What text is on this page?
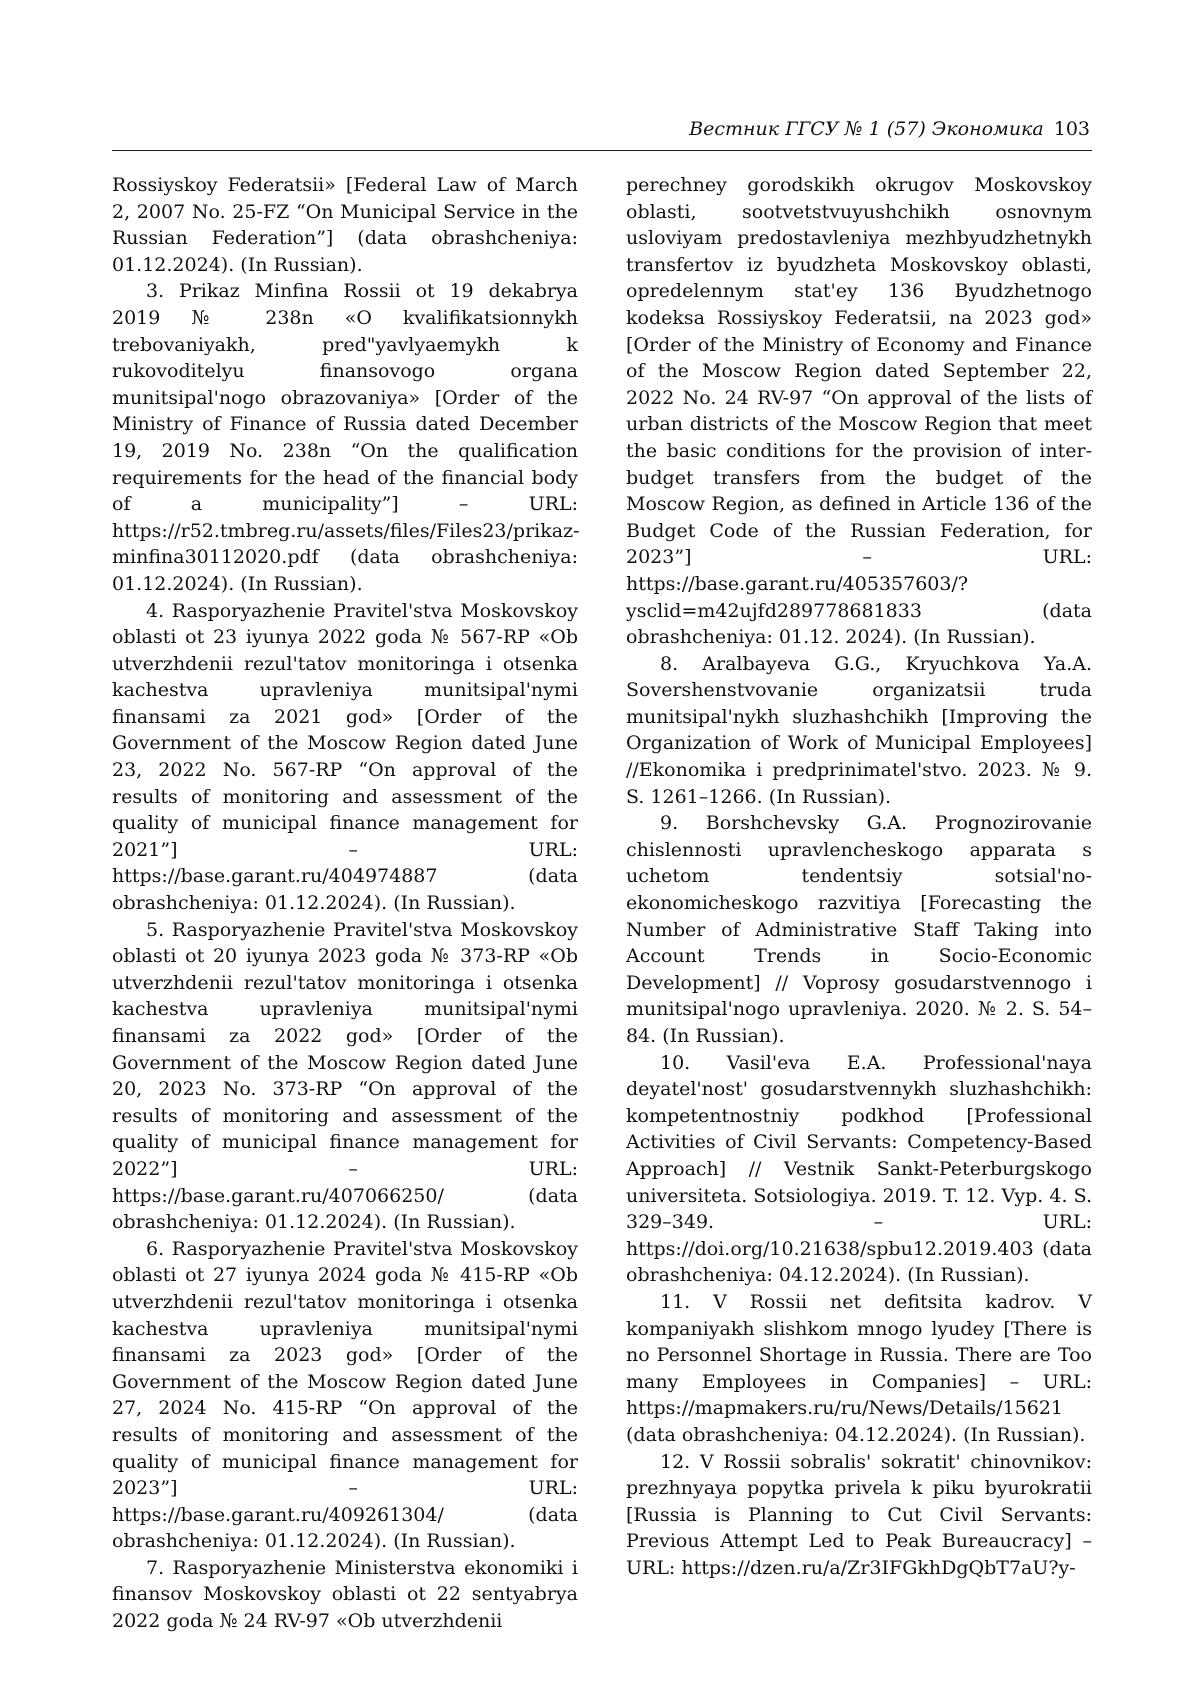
Вестник ГГСУ № 1 (57) Экономика 103

Rossiyskoy Federatsii» [Federal Law of March 2, 2007 No. 25-FZ “On Municipal Service in the Russian Federation”] (data obrashcheniya: 01.12.2024). (In Russian).

3. Prikaz Minfina Rossii ot 19 dekabrya 2019 № 238n «O kvalifikatsionnykh trebovaniyakh, pred"yavlyaemykh k rukovoditelyu finansovogo organa munitsipal'nogo obrazovaniya» [Order of the Ministry of Finance of Russia dated December 19, 2019 No. 238n “On the qualification requirements for the head of the financial body of a municipality”] – URL: https://r52.tmbreg.ru/assets/files/Files23/prikaz-minfina30112020.pdf (data obrashcheniya: 01.12.2024). (In Russian).

4. Rasporyazhenie Pravitel'stva Moskovskoy oblasti ot 23 iyunya 2022 goda № 567-RP «Ob utverzhdenii rezul'tatov monitoringa i otsenka kachestva upravleniya munitsipal'nymi finansami za 2021 god» [Order of the Government of the Moscow Region dated June 23, 2022 No. 567-RP “On approval of the results of monitoring and assessment of the quality of municipal finance management for 2021”] – URL: https://base.garant.ru/404974887 (data obrashcheniya: 01.12.2024). (In Russian).

5. Rasporyazhenie Pravitel'stva Moskovskoy oblasti ot 20 iyunya 2023 goda № 373-RP «Ob utverzhdenii rezul'tatov monitoringa i otsenka kachestva upravleniya munitsipal'nymi finansami za 2022 god» [Order of the Government of the Moscow Region dated June 20, 2023 No. 373-RP “On approval of the results of monitoring and assessment of the quality of municipal finance management for 2022”] – URL: https://base.garant.ru/407066250/ (data obrashcheniya: 01.12.2024). (In Russian).

6. Rasporyazhenie Pravitel'stva Moskovskoy oblasti ot 27 iyunya 2024 goda № 415-RP «Ob utverzhdenii rezul'tatov monitoringa i otsenka kachestva upravleniya munitsipal'nymi finansami za 2023 god» [Order of the Government of the Moscow Region dated June 27, 2024 No. 415-RP “On approval of the results of monitoring and assessment of the quality of municipal finance management for 2023”] – URL: https://base.garant.ru/409261304/ (data obrashcheniya: 01.12.2024). (In Russian).

7. Rasporyazhenie Ministerstva ekonomiki i finansov Moskovskoy oblasti ot 22 sentyabrya 2022 goda № 24 RV-97 «Ob utverzhdenii

perechney gorodskikh okrugov Moskovskoy oblasti, sootvetstvuyushchikh osnovnym usloviyam predostavleniya mezhbyudzhetnykh transfertov iz byudzheta Moskovskoy oblasti, opredelennym stat'ey 136 Byudzhetnogo kodeksa Rossiyskoy Federatsii, na 2023 god» [Order of the Ministry of Economy and Finance of the Moscow Region dated September 22, 2022 No. 24 RV-97 “On approval of the lists of urban districts of the Moscow Region that meet the basic conditions for the provision of inter-budget transfers from the budget of the Moscow Region, as defined in Article 136 of the Budget Code of the Russian Federation, for 2023”] – URL: https://base.garant.ru/405357603/?ysclid=m42ujfd289778681833 (data obrashcheniya: 01.12. 2024). (In Russian).

8. Aralbayeva G.G., Kryuchkova Ya.A. Sovershenstvovanie organizatsii truda munitsipal'nykh sluzhashchikh [Improving the Organization of Work of Municipal Employees] //Ekonomika i predprinimatel'stvo. 2023. № 9. S. 1261–1266. (In Russian).

9. Borshchevsky G.A. Prognozirovanie chislennosti upravlencheskogo apparata s uchetom tendentsiy sotsial'no-ekonomicheskogo razvitiya [Forecasting the Number of Administrative Staff Taking into Account Trends in Socio-Economic Development] // Voprosy gosudarstvennogo i munitsipal'nogo upravleniya. 2020. № 2. S. 54–84. (In Russian).

10. Vasil'eva E.A. Professional'naya deyatel'nost' gosudarstvennykh sluzhashchikh: kompetentnostniy podkhod [Professional Activities of Civil Servants: Competency-Based Approach] // Vestnik Sankt-Peterburgskogo universiteta. Sotsiologiya. 2019. T. 12. Vyp. 4. S. 329–349. – URL: https://doi.org/10.21638/spbu12.2019.403 (data obrashcheniya: 04.12.2024). (In Russian).

11. V Rossii net defitsita kadrov. V kompaniyakh slishkom mnogo lyudey [There is no Personnel Shortage in Russia. There are Too many Employees in Companies] – URL: https://mapmakers.ru/ru/News/Details/15621 (data obrashcheniya: 04.12.2024). (In Russian).

12. V Rossii sobralis' sokratit' chinovnikov: prezhnyaya popytka privela k piku byurokratii [Russia is Planning to Cut Civil Servants: Previous Attempt Led to Peak Bureaucracy] – URL: https://dzen.ru/a/Zr3IFGkhDgQbT7aU?y-
